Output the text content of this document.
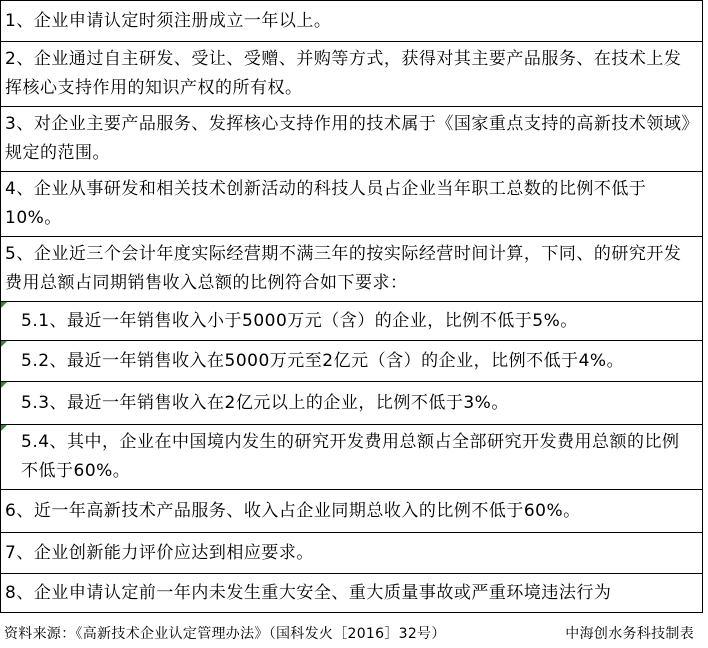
1、企业申请认定时须注册成立一年以上。
2、企业通过自主研发、受让、受赠、并购等方式，获得对其主要产品服务、在技术上发挥核心支持作用的知识产权的所有权。
3、对企业主要产品服务、发挥核心支持作用的技术属于《国家重点支持的高新技术领域》规定的范围。
4、企业从事研发和相关技术创新活动的科技人员占企业当年职工总数的比例不低于10%。
5、企业近三个会计年度实际经营期不满三年的按实际经营时间计算，下同、的研究开发费用总额占同期销售收入总额的比例符合如下要求：
5.1、最近一年销售收入小于5000万元（含）的企业，比例不低于5%。
5.2、最近一年销售收入在5000万元至2亿元（含）的企业，比例不低于4%。
5.3、最近一年销售收入在2亿元以上的企业，比例不低于3%。
5.4、其中，企业在中国境内发生的研究开发费用总额占全部研究开发费用总额的比例不低于60%。
6、近一年高新技术产品服务、收入占企业同期总收入的比例不低于60%。
7、企业创新能力评价应达到相应要求。
8、企业申请认定前一年内未发生重大安全、重大质量事故或严重环境违法行为
资料来源：《高新技术企业认定管理办法》（国科发火［2016］32号）	中海创水务科技制表
